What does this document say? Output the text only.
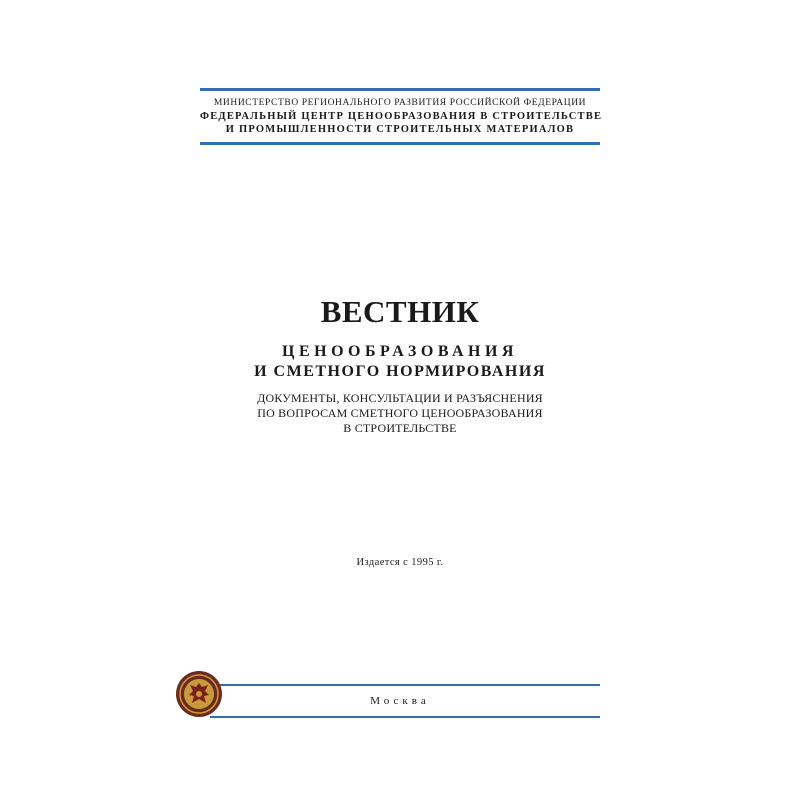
МИНИСТЕРСТВО РЕГИОНАЛЬНОГО РАЗВИТИЯ РОССИЙСКОЙ ФЕДЕРАЦИИ
ФЕДЕРАЛЬНЫЙ ЦЕНТР ЦЕНООБРАЗОВАНИЯ В СТРОИТЕЛЬСТВЕ
И ПРОМЫШЛЕННОСТИ СТРОИТЕЛЬНЫХ МАТЕРИАЛОВ
ВЕСТНИК
ЦЕНООБРАЗОВАНИЯ
И СМЕТНОГО НОРМИРОВАНИЯ
ДОКУМЕНТЫ, КОНСУЛЬТАЦИИ И РАЗЪЯСНЕНИЯ
ПО ВОПРОСАМ СМЕТНОГО ЦЕНООБРАЗОВАНИЯ
В СТРОИТЕЛЬСТВЕ
Издается с 1995 г.
Москва
